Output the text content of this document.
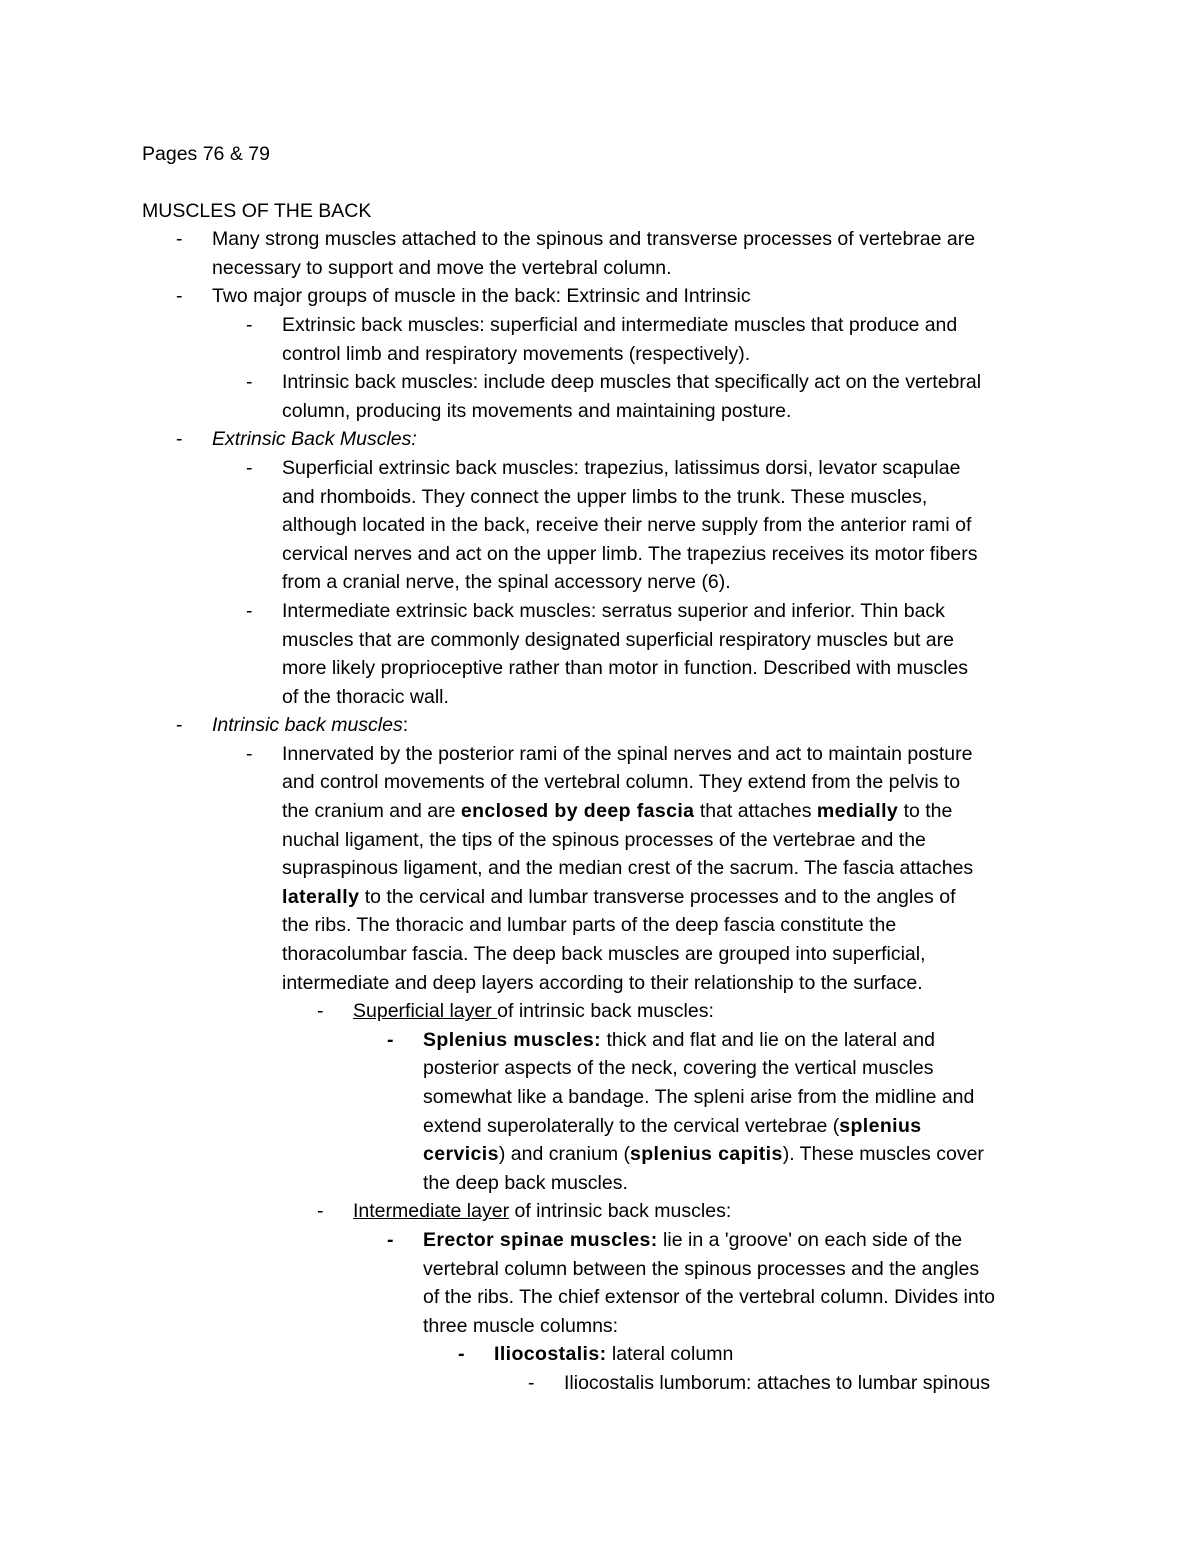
Pages 76 & 79
MUSCLES OF THE BACK
- Many strong muscles attached to the spinous and transverse processes of vertebrae are
necessary to support and move the vertebral column.
- Two major groups of muscle in the back: Extrinsic and Intrinsic
- Extrinsic back muscles: superficial and intermediate muscles that produce and
control limb and respiratory movements (respectively).
- Intrinsic back muscles: include deep muscles that specifically act on the vertebral
column, producing its movements and maintaining posture.
- Extrinsic Back Muscles:
- Superficial extrinsic back muscles: trapezius, latissimus dorsi, levator scapulae
and rhomboids. They connect the upper limbs to the trunk. These muscles,
although located in the back, receive their nerve supply from the anterior rami of
cervical nerves and act on the upper limb. The trapezius receives its motor fibers
from a cranial nerve, the spinal accessory nerve (6).
- Intermediate extrinsic back muscles: serratus superior and inferior. Thin back
muscles that are commonly designated superficial respiratory muscles but are
more likely proprioceptive rather than motor in function. Described with muscles
of the thoracic wall.
- Intrinsic back muscles:
- Innervated by the posterior rami of the spinal nerves and act to maintain posture
and control movements of the vertebral column. They extend from the pelvis to
the cranium and are enclosed by deep fascia that attaches medially to the
nuchal ligament, the tips of the spinous processes of the vertebrae and the
supraspinous ligament, and the median crest of the sacrum. The fascia attaches
laterally to the cervical and lumbar transverse processes and to the angles of
the ribs. The thoracic and lumbar parts of the deep fascia constitute the
thoracolumbar fascia. The deep back muscles are grouped into superficial,
intermediate and deep layers according to their relationship to the surface.
- Superficial layer of intrinsic back muscles:
- Splenius muscles: thick and flat and lie on the lateral and
posterior aspects of the neck, covering the vertical muscles
somewhat like a bandage. The spleni arise from the midline and
extend superolaterally to the cervical vertebrae (splenius
cervicis) and cranium (splenius capitis). These muscles cover
the deep back muscles.
- Intermediate layer of intrinsic back muscles:
- Erector spinae muscles: lie in a 'groove' on each side of the
vertebral column between the spinous processes and the angles
of the ribs. The chief extensor of the vertebral column. Divides into
three muscle columns:
- Iliocostalis: lateral column
- Iliocostalis lumborum: attaches to lumbar spinous
